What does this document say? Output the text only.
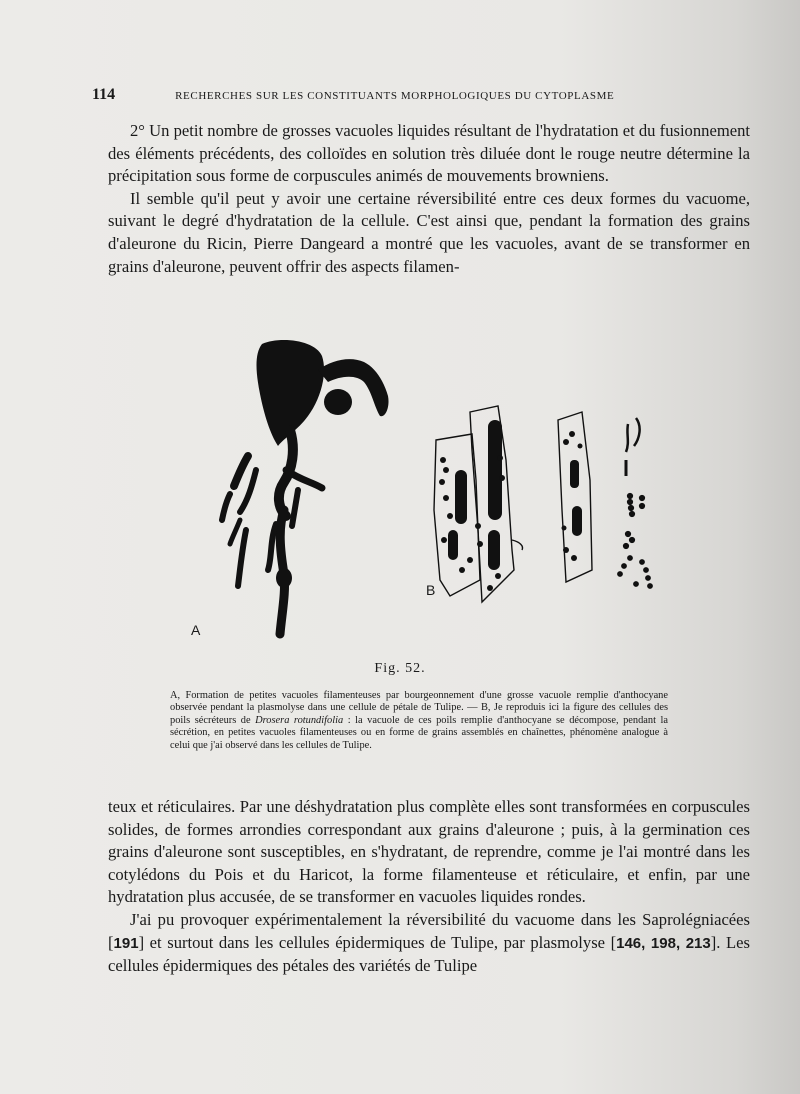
114	RECHERCHES SUR LES CONSTITUANTS MORPHOLOGIQUES DU CYTOPLASME

2° Un petit nombre de grosses vacuoles liquides résultant de l'hydratation et du fusionnement des éléments précédents, des colloïdes en solution très diluée dont le rouge neutre détermine la précipitation sous forme de corpuscules animés de mouvements browniens.

Il semble qu'il peut y avoir une certaine réversibilité entre ces deux formes du vacuome, suivant le degré d'hydratation de la cellule. C'est ainsi que, pendant la formation des grains d'aleurone du Ricin, Pierre Dangeard a montré que les vacuoles, avant de se transformer en grains d'aleurone, peuvent offrir des aspects filamen-

A
B
Fig. 52.
A, Formation de petites vacuoles filamenteuses par bourgeonnement d'une grosse vacuole remplie d'anthocyane observée pendant la plasmolyse dans une cellule de pétale de Tulipe. — B, Je reproduis ici la figure des cellules des poils sécréteurs de Drosera rotundifolia : la vacuole de ces poils remplie d'anthocyane se décompose, pendant la sécrétion, en petites vacuoles filamenteuses ou en forme de grains assemblés en chaînettes, phénomène analogue à celui que j'ai observé dans les cellules de Tulipe.

teux et réticulaires. Par une déshydratation plus complète elles sont transformées en corpuscules solides, de formes arrondies correspondant aux grains d'aleurone ; puis, à la germination ces grains d'aleurone sont susceptibles, en s'hydratant, de reprendre, comme je l'ai montré dans les cotylédons du Pois et du Haricot, la forme filamenteuse et réticulaire, et enfin, par une hydratation plus accusée, de se transformer en vacuoles liquides rondes.

J'ai pu provoquer expérimentalement la réversibilité du vacuome dans les Saprolégniacées [191] et surtout dans les cellules épidermiques de Tulipe, par plasmolyse [146, 198, 213]. Les cellules épidermiques des pétales des variétés de Tulipe
